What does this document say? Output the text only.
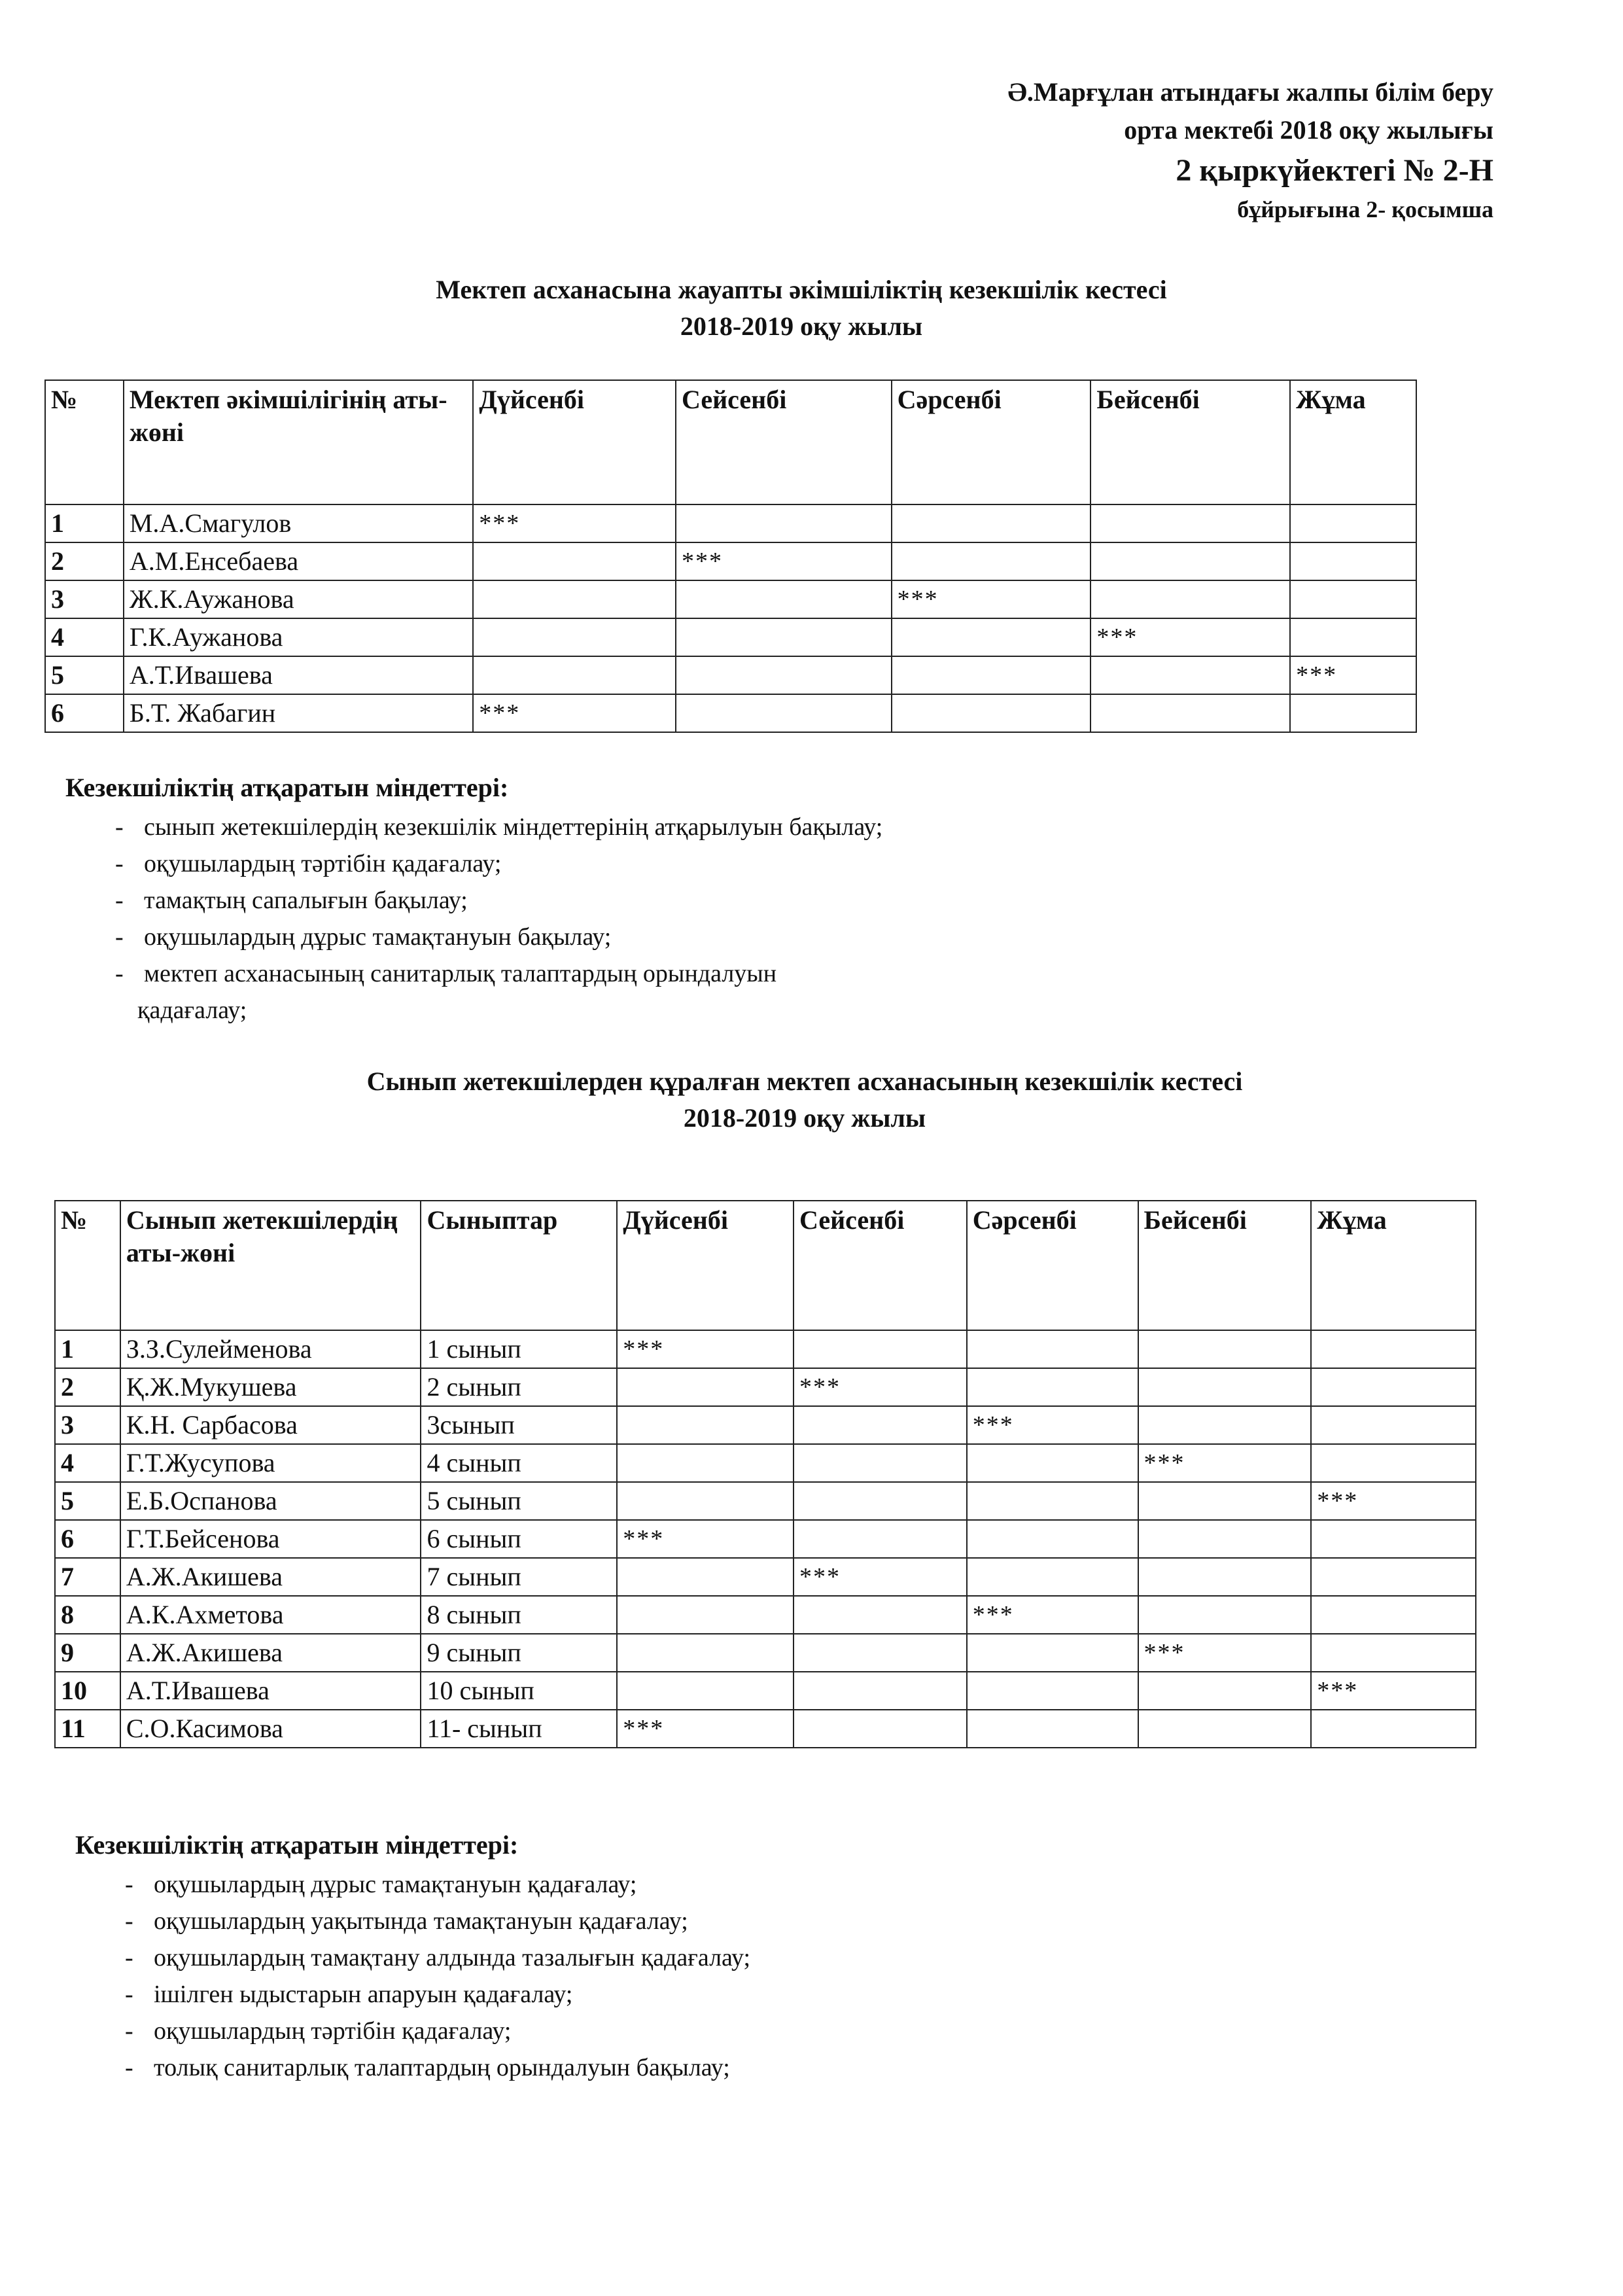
Ә.Марғұлан атындағы жалпы білім беру
орта мектебі 2018 оқу жылығы
2 қыркүйектегі № 2-Н
бұйрығына 2- қосымша
Мектеп асханасына жауапты әкімшіліктің кезекшілік кестесі
2018-2019 оқу жылы
№	Мектеп әкімшілігінің аты-жөні	Дүйсенбі	Сейсенбі	Сәрсенбі	Бейсенбі	Жұма
1	М.А.Смагулов	***				
2	А.М.Енсебаева		***			
3	Ж.К.Аужанова			***		
4	Г.К.Аужанова				***	
5	А.Т.Ивашева					***
6	Б.Т. Жабагин	***				
Кезекшіліктің атқаратын міндеттері:
- сынып жетекшілердің кезекшілік міндеттерінің атқарылуын бақылау;
- оқушылардың тәртібін қадағалау;
- тамақтың сапалығын бақылау;
- оқушылардың дұрыс тамақтануын бақылау;
- мектеп асханасының санитарлық талаптардың орындалуын
қадағалау;
Сынып жетекшілерден құралған мектеп асханасының кезекшілік кестесі
2018-2019 оқу жылы
№	Сынып жетекшілердің аты-жөні	Сыныптар	Дүйсенбі	Сейсенбі	Сәрсенбі	Бейсенбі	Жұма
1	З.З.Сулейменова	1 сынып	***				
2	Қ.Ж.Мукушева	2 сынып		***			
3	К.Н. Сарбасова	3сынып			***		
4	Г.Т.Жусупова	4 сынып				***	
5	Е.Б.Оспанова	5 сынып					***
6	Г.Т.Бейсенова	6 сынып	***				
7	А.Ж.Акишева	7 сынып		***			
8	А.К.Ахметова	8 сынып			***		
9	А.Ж.Акишева	9 сынып				***	
10	А.Т.Ивашева	10 сынып					***
11	С.О.Касимова	11- сынып	***				
Кезекшіліктің атқаратын міндеттері:
- оқушылардың дұрыс тамақтануын қадағалау;
- оқушылардың уақытында тамақтануын қадағалау;
- оқушылардың тамақтану алдында тазалығын қадағалау;
- ішілген ыдыстарын апаруын қадағалау;
- оқушылардың тәртібін қадағалау;
- толық санитарлық талаптардың орындалуын бақылау;
